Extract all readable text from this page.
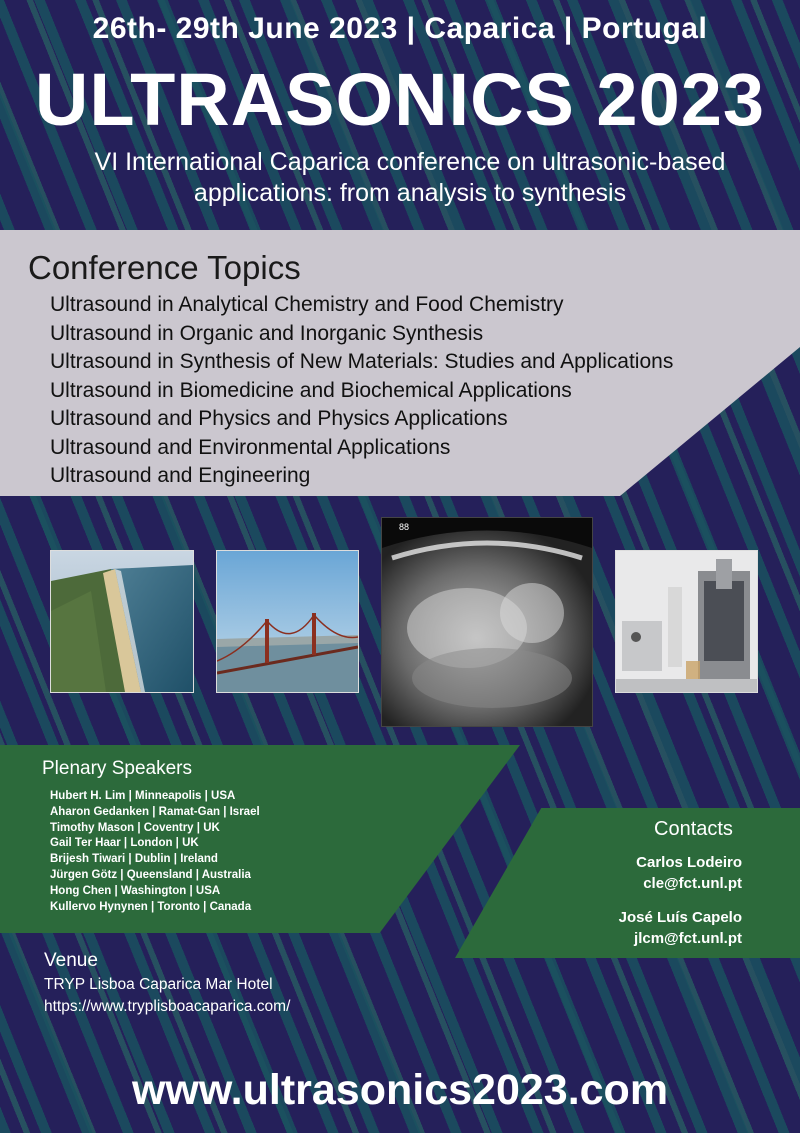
26th- 29th June 2023 | Caparica | Portugal
ULTRASONICS 2023
VI International Caparica conference on ultrasonic-based applications: from analysis to synthesis
Conference Topics
Ultrasound in Analytical Chemistry and Food Chemistry
Ultrasound in Organic and Inorganic Synthesis
Ultrasound in Synthesis of New Materials: Studies and Applications
Ultrasound in Biomedicine and Biochemical Applications
Ultrasound and Physics and Physics Applications
Ultrasound and Environmental Applications
Ultrasound and Engineering
88
Plenary Speakers
Hubert H. Lim | Minneapolis | USA
Aharon Gedanken | Ramat-Gan | Israel
Timothy Mason | Coventry | UK
Gail Ter Haar | London | UK
Brijesh Tiwari | Dublin | Ireland
Jürgen Götz | Queensland | Australia
Hong Chen | Washington | USA
Kullervo Hynynen | Toronto | Canada
Contacts
Carlos Lodeiro
cle@fct.unl.pt
José Luís Capelo
jlcm@fct.unl.pt
Venue
TRYP Lisboa Caparica Mar Hotel
https://www.tryplisboacaparica.com/
www.ultrasonics2023.com
